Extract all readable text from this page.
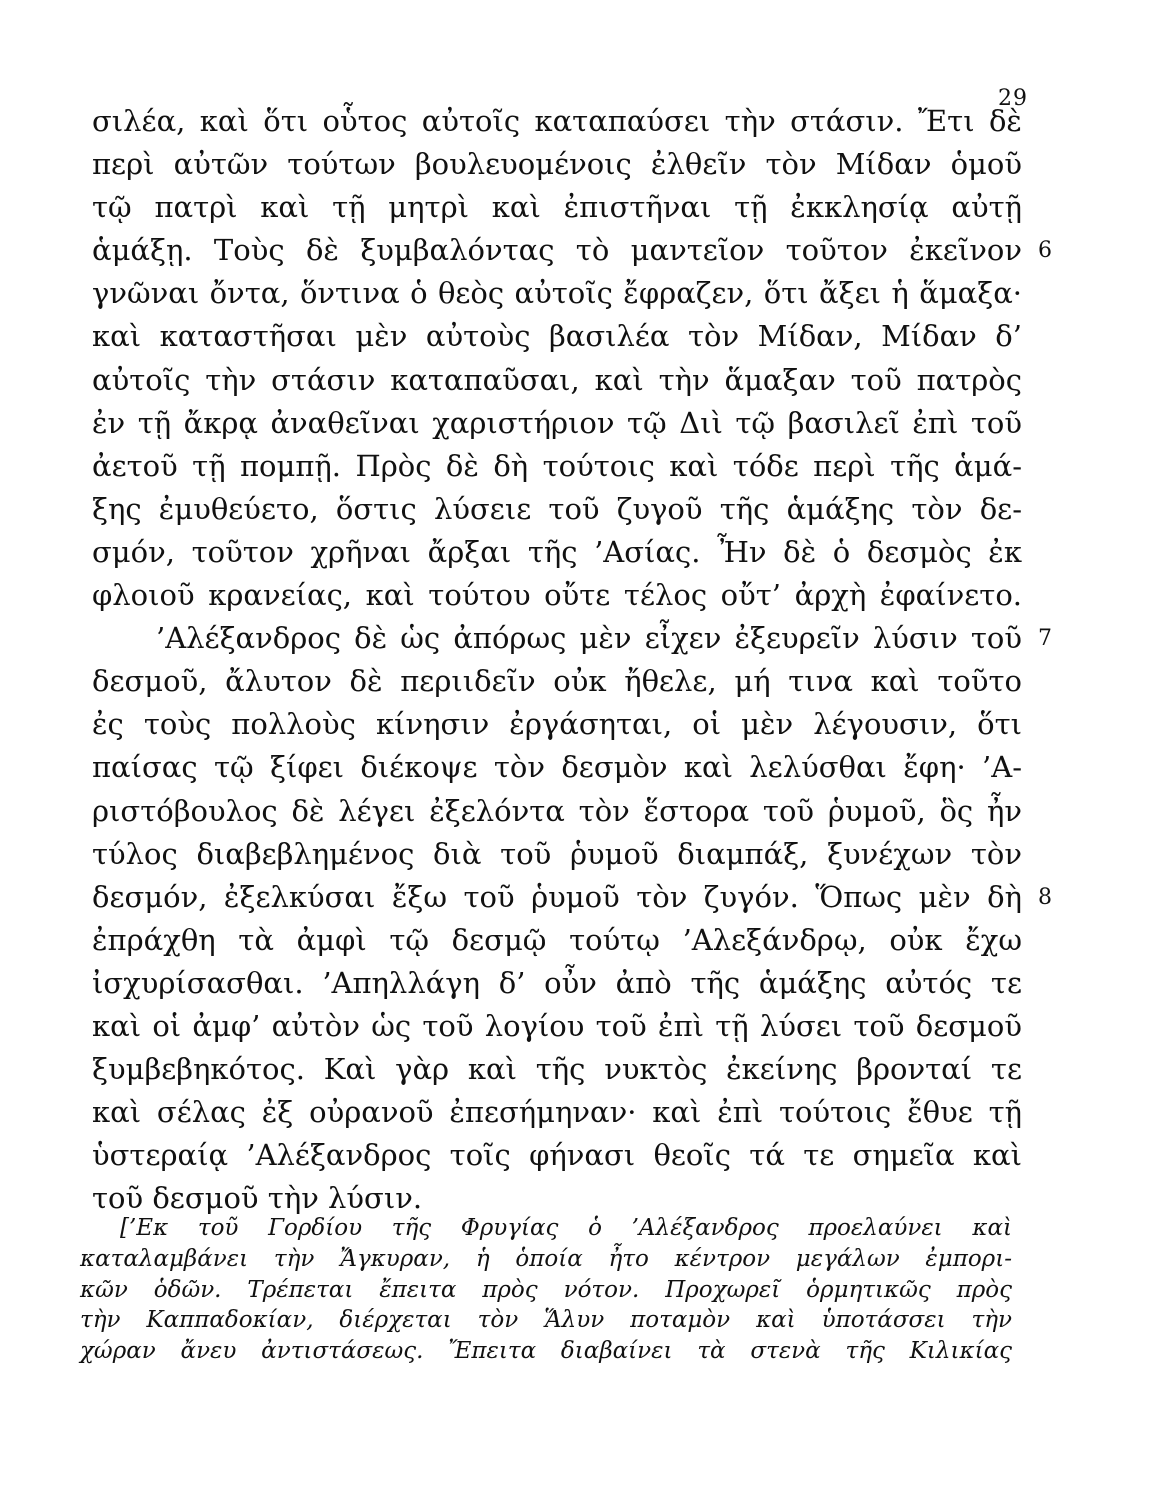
29
σιλέα, καὶ ὅτι οὗτος αὐτοῖς καταπαύσει τὴν στάσιν. Ἔτι δὲ
περὶ αὐτῶν τούτων βουλευομένοις ἐλθεῖν τὸν Μίδαν ὁμοῦ
τῷ πατρὶ καὶ τῇ μητρὶ καὶ ἐπιστῆναι τῇ ἐκκλησίᾳ αὐτῇ
ἁμάξῃ. Τοὺς δὲ ξυμβαλόντας τὸ μαντεῖον τοῦτον ἐκεῖνον 6
γνῶναι ὄντα, ὅντινα ὁ θεὸς αὐτοῖς ἔφραζεν, ὅτι ἄξει ἡ ἅμαξα·
καὶ καταστῆσαι μὲν αὐτοὺς βασιλέα τὸν Μίδαν, Μίδαν δ’
αὐτοῖς τὴν στάσιν καταπαῦσαι, καὶ τὴν ἅμαξαν τοῦ πατρὸς
ἐν τῇ ἄκρᾳ ἀναθεῖναι χαριστήριον τῷ Διὶ τῷ βασιλεῖ ἐπὶ τοῦ
ἀετοῦ τῇ πομπῇ. Πρὸς δὲ δὴ τούτοις καὶ τόδε περὶ τῆς ἁμά-
ξης ἐμυθεύετο, ὅστις λύσειε τοῦ ζυγοῦ τῆς ἁμάξης τὸν δε-
σμόν, τοῦτον χρῆναι ἄρξαι τῆς ’Ασίας. Ἦν δὲ ὁ δεσμὸς ἐκ
φλοιοῦ κρανείας, καὶ τούτου οὔτε τέλος οὔτ’ ἀρχὴ ἐφαίνετο.
’Αλέξανδρος δὲ ὡς ἀπόρως μὲν εἶχεν ἐξευρεῖν λύσιν τοῦ 7
δεσμοῦ, ἄλυτον δὲ περιιδεῖν οὐκ ἤθελε, μή τινα καὶ τοῦτο
ἐς τοὺς πολλοὺς κίνησιν ἐργάσηται, οἱ μὲν λέγουσιν, ὅτι
παίσας τῷ ξίφει διέκοψε τὸν δεσμὸν καὶ λελύσθαι ἔφη· ’Α-
ριστόβουλος δὲ λέγει ἐξελόντα τὸν ἕστορα τοῦ ῥυμοῦ, ὃς ἦν
τύλος διαβεβλημένος διὰ τοῦ ῥυμοῦ διαμπάξ, ξυνέχων τὸν
δεσμόν, ἐξελκύσαι ἔξω τοῦ ῥυμοῦ τὸν ζυγόν. Ὅπως μὲν δὴ 8
ἐπράχθη τὰ ἀμφὶ τῷ δεσμῷ τούτῳ ’Αλεξάνδρῳ, οὐκ ἔχω
ἰσχυρίσασθαι. ’Απηλλάγη δ’ οὖν ἀπὸ τῆς ἁμάξης αὐτός τε
καὶ οἱ ἀμφ’ αὐτὸν ὡς τοῦ λογίου τοῦ ἐπὶ τῇ λύσει τοῦ δεσμοῦ
ξυμβεβηκότος. Καὶ γὰρ καὶ τῆς νυκτὸς ἐκείνης βρονταί τε
καὶ σέλας ἐξ οὐρανοῦ ἐπεσήμηναν· καὶ ἐπὶ τούτοις ἔθυε τῇ
ὑστεραίᾳ ’Αλέξανδρος τοῖς φήνασι θεοῖς τά τε σημεῖα καὶ
τοῦ δεσμοῦ τὴν λύσιν.
[’Εκ τοῦ Γορδίου τῆς Φρυγίας ὁ ’Αλέξανδρος προελαύνει καὶ
καταλαμβάνει τὴν Ἄγκυραν, ἡ ὁποία ἦτο κέντρον μεγάλων ἐμπορι-
κῶν ὁδῶν. Τρέπεται ἔπειτα πρὸς νότον. Προχωρεῖ ὁρμητικῶς πρὸς
τὴν Καππαδοκίαν, διέρχεται τὸν Ἅλυν ποταμὸν καὶ ὑποτάσσει τὴν
χώραν ἄνευ ἀντιστάσεως. Ἔπειτα διαβαίνει τὰ στενὰ τῆς Κιλικίας
